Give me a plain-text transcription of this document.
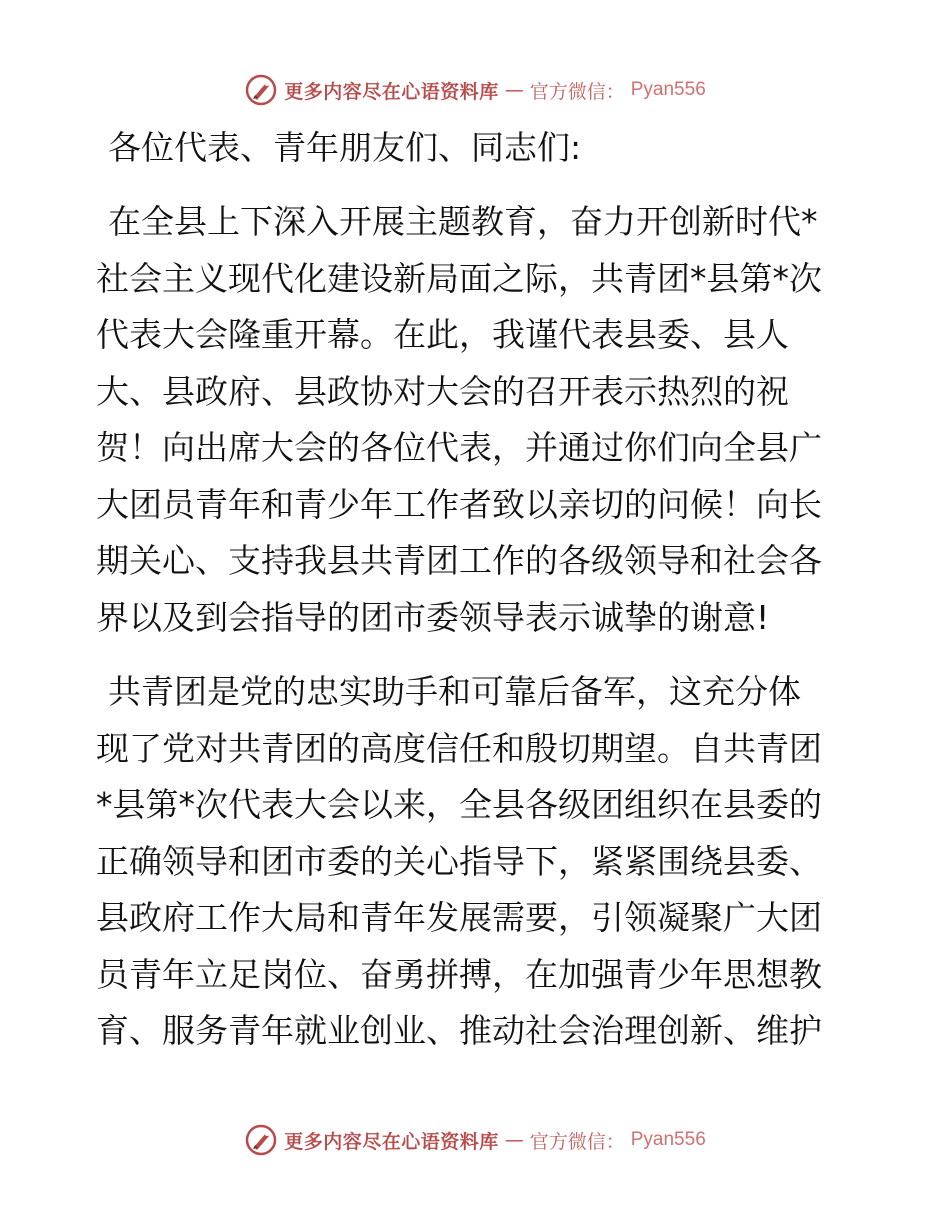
更多内容尽在心语资料库 — 官方微信： Pyan556
各位代表、青年朋友们、同志们:
在全县上下深入开展主题教育，奋力开创新时代*
社会主义现代化建设新局面之际，共青团*县第*次
代表大会隆重开幕。在此，我谨代表县委、县人
大、县政府、县政协对大会的召开表示热烈的祝
贺！向出席大会的各位代表，并通过你们向全县广
大团员青年和青少年工作者致以亲切的问候！向长
期关心、支持我县共青团工作的各级领导和社会各
界以及到会指导的团市委领导表示诚挚的谢意!
共青团是党的忠实助手和可靠后备军，这充分体
现了党对共青团的高度信任和殷切期望。自共青团
*县第*次代表大会以来，全县各级团组织在县委的
正确领导和团市委的关心指导下，紧紧围绕县委、
县政府工作大局和青年发展需要，引领凝聚广大团
员青年立足岗位、奋勇拼搏，在加强青少年思想教
育、服务青年就业创业、推动社会治理创新、维护
更多内容尽在心语资料库 — 官方微信： Pyan556
